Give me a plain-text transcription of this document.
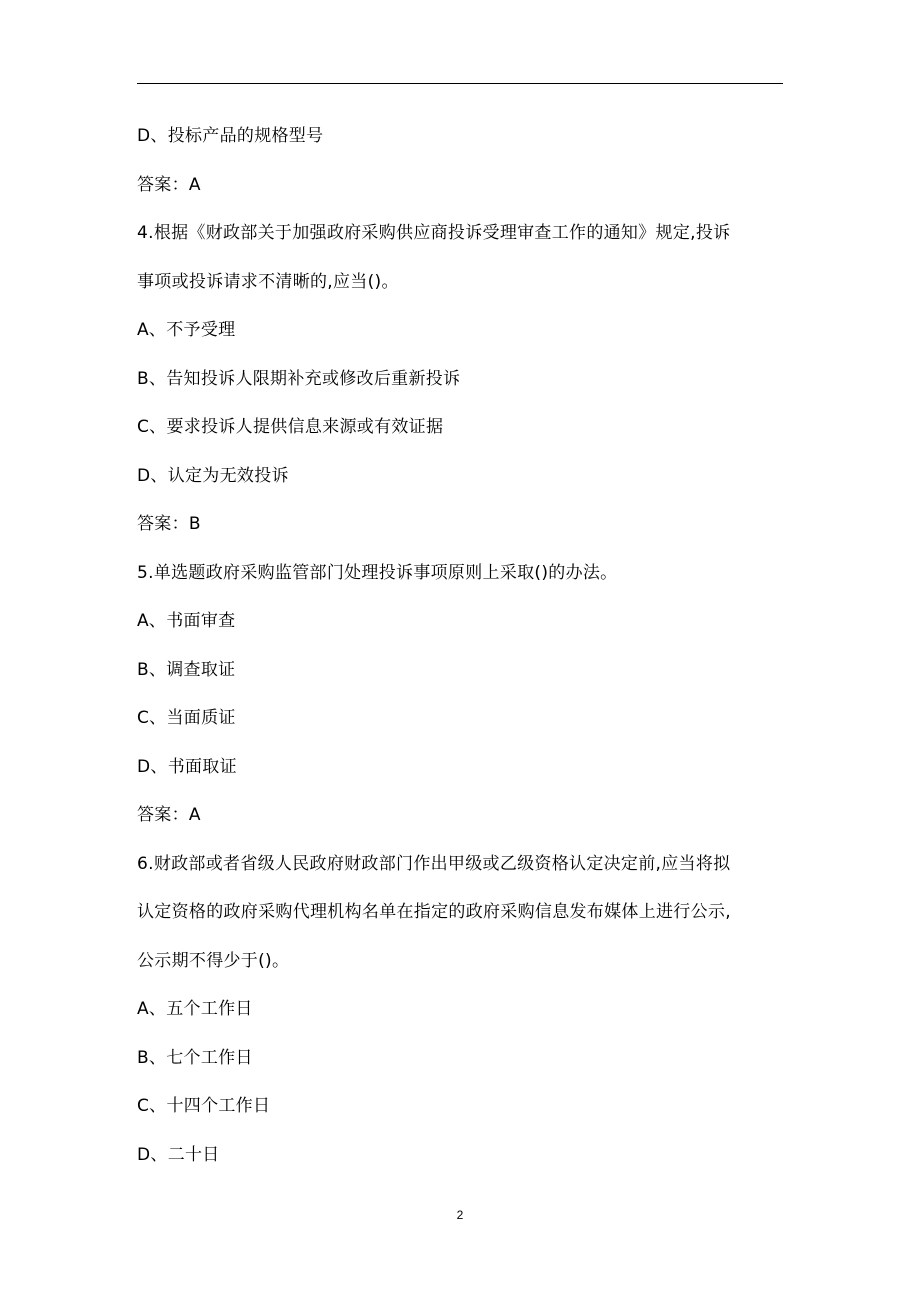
D、投标产品的规格型号
答案：A
4.根据《财政部关于加强政府采购供应商投诉受理审查工作的通知》规定,投诉
事项或投诉请求不清晰的,应当()。
A、不予受理
B、告知投诉人限期补充或修改后重新投诉
C、要求投诉人提供信息来源或有效证据
D、认定为无效投诉
答案：B
5.单选题政府采购监管部门处理投诉事项原则上采取()的办法。
A、书面审查
B、调查取证
C、当面质证
D、书面取证
答案：A
6.财政部或者省级人民政府财政部门作出甲级或乙级资格认定决定前,应当将拟
认定资格的政府采购代理机构名单在指定的政府采购信息发布媒体上进行公示,
公示期不得少于()。
A、五个工作日
B、七个工作日
C、十四个工作日
D、二十日
2
